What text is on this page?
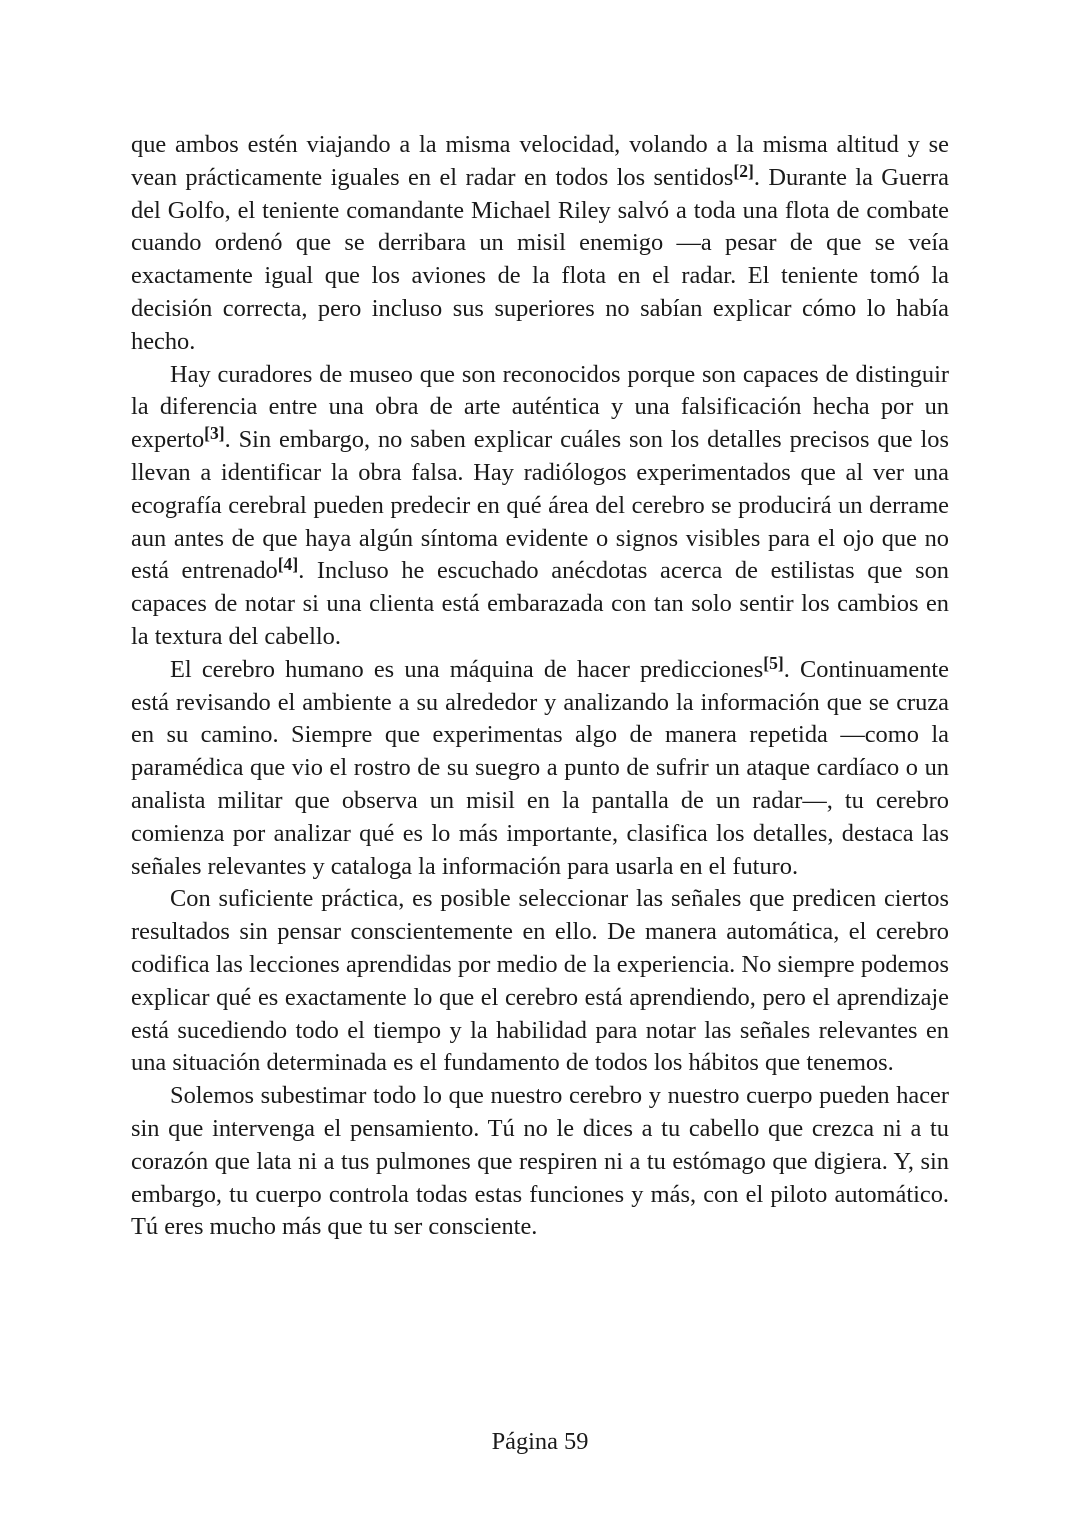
que ambos estén viajando a la misma velocidad, volando a la misma altitud y se vean prácticamente iguales en el radar en todos los sentidos[2]. Durante la Guerra del Golfo, el teniente comandante Michael Riley salvó a toda una flota de combate cuando ordenó que se derribara un misil enemigo —a pesar de que se veía exactamente igual que los aviones de la flota en el radar. El teniente tomó la decisión correcta, pero incluso sus superiores no sabían explicar cómo lo había hecho.

Hay curadores de museo que son reconocidos porque son capaces de distinguir la diferencia entre una obra de arte auténtica y una falsificación hecha por un experto[3]. Sin embargo, no saben explicar cuáles son los detalles precisos que los llevan a identificar la obra falsa. Hay radiólogos experimentados que al ver una ecografía cerebral pueden predecir en qué área del cerebro se producirá un derrame aun antes de que haya algún síntoma evidente o signos visibles para el ojo que no está entrenado[4]. Incluso he escuchado anécdotas acerca de estilistas que son capaces de notar si una clienta está embarazada con tan solo sentir los cambios en la textura del cabello.

El cerebro humano es una máquina de hacer predicciones[5]. Continuamente está revisando el ambiente a su alrededor y analizando la información que se cruza en su camino. Siempre que experimentas algo de manera repetida —como la paramédica que vio el rostro de su suegro a punto de sufrir un ataque cardíaco o un analista militar que observa un misil en la pantalla de un radar—, tu cerebro comienza por analizar qué es lo más importante, clasifica los detalles, destaca las señales relevantes y cataloga la información para usarla en el futuro.

Con suficiente práctica, es posible seleccionar las señales que predicen ciertos resultados sin pensar conscientemente en ello. De manera automática, el cerebro codifica las lecciones aprendidas por medio de la experiencia. No siempre podemos explicar qué es exactamente lo que el cerebro está aprendiendo, pero el aprendizaje está sucediendo todo el tiempo y la habilidad para notar las señales relevantes en una situación determinada es el fundamento de todos los hábitos que tenemos.

Solemos subestimar todo lo que nuestro cerebro y nuestro cuerpo pueden hacer sin que intervenga el pensamiento. Tú no le dices a tu cabello que crezca ni a tu corazón que lata ni a tus pulmones que respiren ni a tu estómago que digiera. Y, sin embargo, tu cuerpo controla todas estas funciones y más, con el piloto automático. Tú eres mucho más que tu ser consciente.

Página 59
